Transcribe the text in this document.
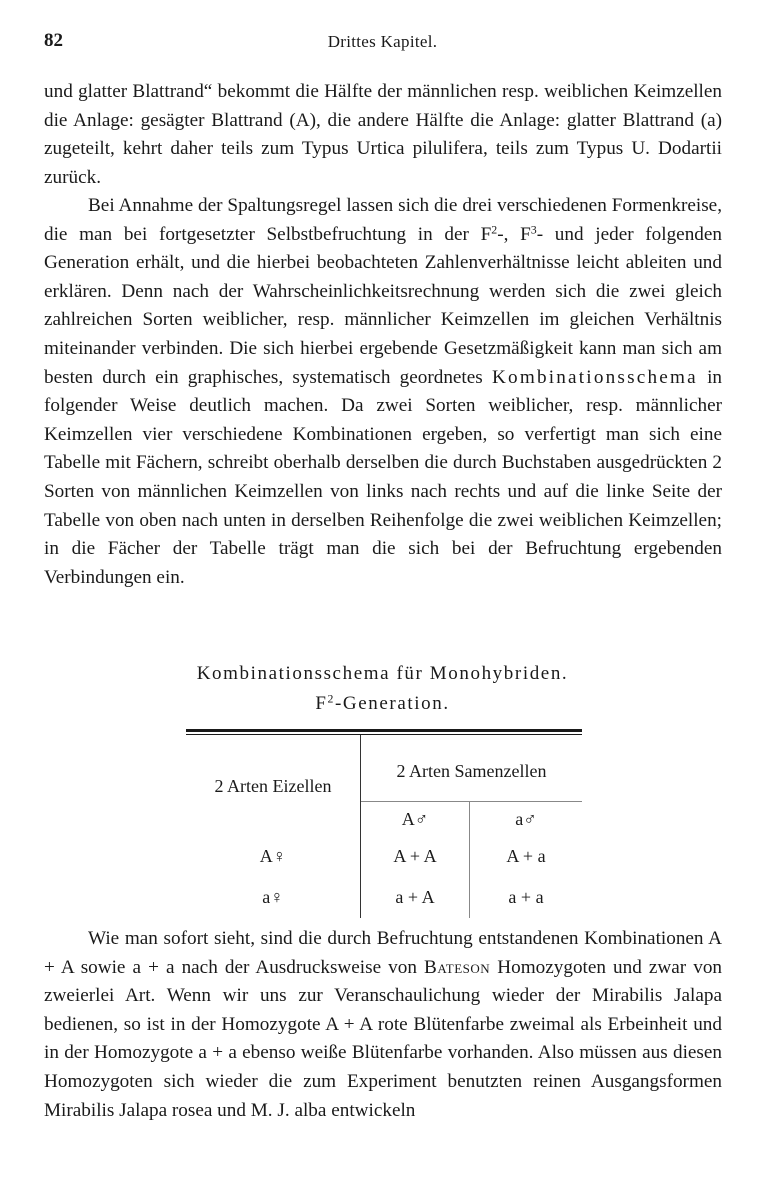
82	Drittes Kapitel.

und glatter Blattrand“ bekommt die Hälfte der männlichen resp. weiblichen Keimzellen die Anlage: gesägter Blattrand (A), die andere Hälfte die Anlage: glatter Blattrand (a) zugeteilt, kehrt daher teils zum Typus Urtica pilulifera, teils zum Typus U. Dodartii zurück.

Bei Annahme der Spaltungsregel lassen sich die drei verschiedenen Formenkreise, die man bei fortgesetzter Selbstbefruchtung in der $F^2-$, $F^3-$ und jeder folgenden Generation erhält, und die hierbei beobachteten Zahlenverhältnisse leicht ableiten und erklären. Denn nach der Wahrscheinlichkeitsrechnung werden sich die zwei gleich zahlreichen Sorten weiblicher, resp. männlicher Keimzellen im gleichen Verhältnis miteinander verbinden. Die sich hierbei ergebende Gesetzmäßigkeit kann man sich am besten durch ein graphisches, systematisch geordnetes Kombinationsschema in folgender Weise deutlich machen. Da zwei Sorten weiblicher, resp. männlicher Keimzellen vier verschiedene Kombinationen ergeben, so verfertigt man sich eine Tabelle mit Fächern, schreibt oberhalb derselben die durch Buchstaben ausgedrückten 2 Sorten von männlichen Keimzellen von links nach rechts und auf die linke Seite der Tabelle von oben nach unten in derselben Reihenfolge die zwei weiblichen Keimzellen; in die Fächer der Tabelle trägt man die sich bei der Befruchtung ergebenden Verbindungen ein.

Kombinationsschema für Monohybriden.
$F^2$-Generation.
2 Arten Eizellen	2 Arten Samenzellen	
	A♂	a♂
A♀	A + A	A + a
a♀	a + A	a + a

Wie man sofort sieht, sind die durch Befruchtung entstandenen Kombinationen A + A sowie a + a nach der Ausdrucksweise von Bateson Homozygoten und zwar von zweierlei Art. Wenn wir uns zur Veranschaulichung wieder der Mirabilis Jalapa bedienen, so ist in der Homozygote A + A rote Blütenfarbe zweimal als Erbeinheit und in der Homozygote a + a ebenso weiße Blütenfarbe vorhanden. Also müssen aus diesen Homozygoten sich wieder die zum Experiment benutzten reinen Ausgangsformen Mirabilis Jalapa rosea und M. J. alba entwickeln
